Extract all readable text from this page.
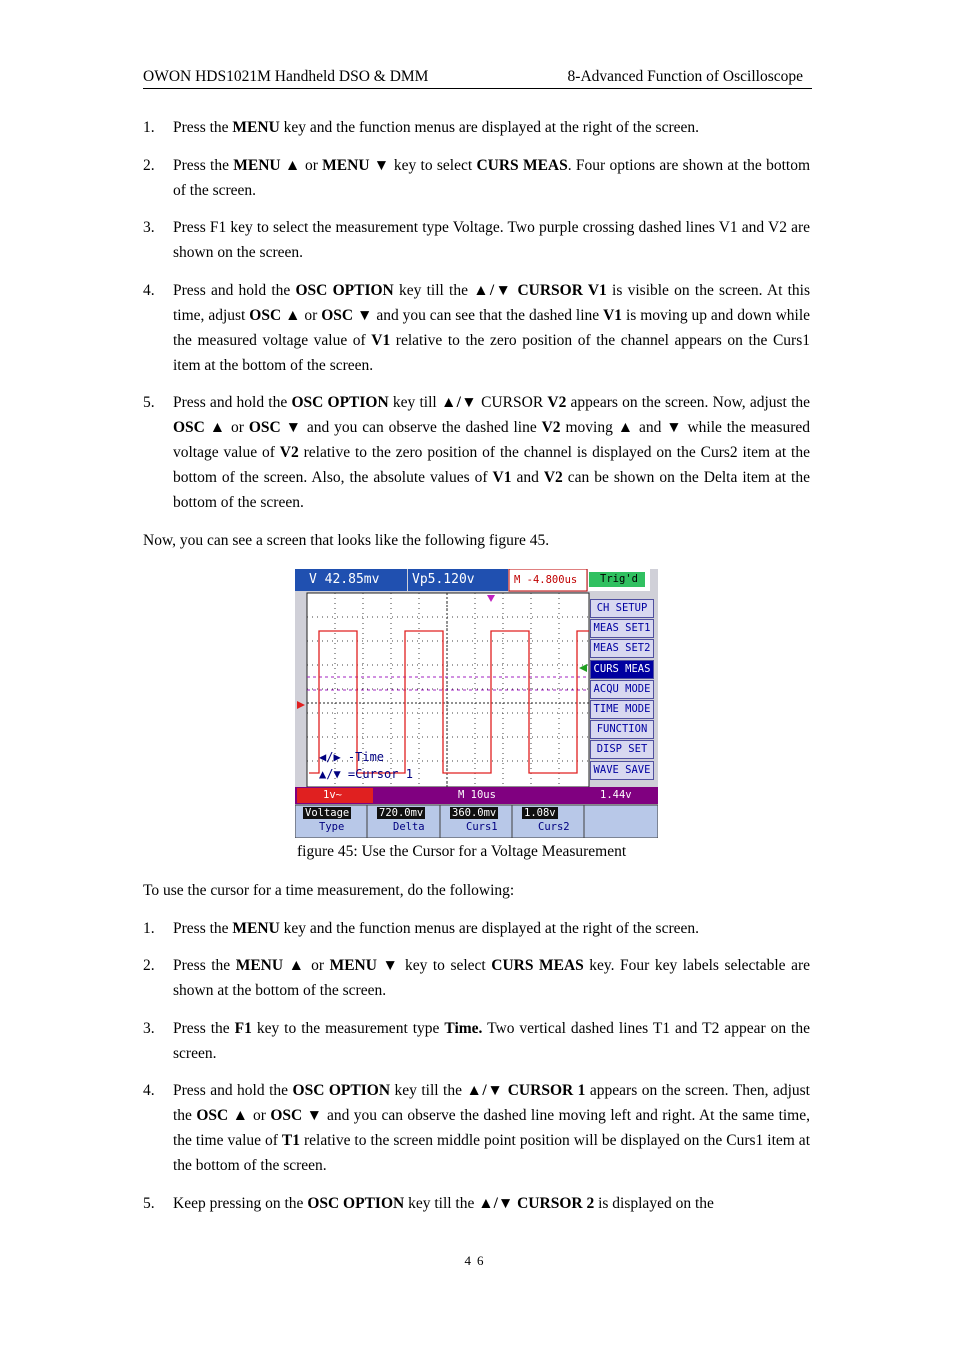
OWON HDS1021M Handheld DSO & DMM	8-Advanced Function of Oscilloscope
1. Press the MENU key and the function menus are displayed at the right of the screen.
2. Press the MENU ▲ or MENU ▼ key to select CURS MEAS. Four options are shown at the bottom of the screen.
3. Press F1 key to select the measurement type Voltage. Two purple crossing dashed lines V1 and V2 are shown on the screen.
4. Press and hold the OSC OPTION key till the ▲/▼ CURSOR V1 is visible on the screen. At this time, adjust OSC ▲ or OSC ▼ and you can see that the dashed line V1 is moving up and down while the measured voltage value of V1 relative to the zero position of the channel appears on the Curs1 item at the bottom of the screen.
5. Press and hold the OSC OPTION key till ▲/▼ CURSOR V2 appears on the screen. Now, adjust the OSC ▲ or OSC ▼ and you can observe the dashed line V2 moving ▲ and ▼ while the measured voltage value of V2 relative to the zero position of the channel is displayed on the Curs2 item at the bottom of the screen. Also, the absolute values of V1 and V2 can be shown on the Delta item at the bottom of the screen.
Now, you can see a screen that looks like the following figure 45.
V 42.85mv	Vp5.120v	M -4.800us Trig'd
CH SETUP
MEAS SET1
MEAS SET2
CURS MEAS
ACQU MODE
TIME MODE
FUNCTION
DISP SET
WAVE SAVE
◀/▶ -Time
▲/▼ =Cursor 1
1v~	M 10us	1.44v
Voltage
Type
720.0mv
Delta
360.0mv
Curs1
1.08v
Curs2
figure 45: Use the Cursor for a Voltage Measurement
To use the cursor for a time measurement, do the following:
1. Press the MENU key and the function menus are displayed at the right of the screen.
2. Press the MENU ▲ or MENU ▼ key to select CURS MEAS key. Four key labels selectable are shown at the bottom of the screen.
3. Press the F1 key to the measurement type Time. Two vertical dashed lines T1 and T2 appear on the screen.
4. Press and hold the OSC OPTION key till the ▲/▼ CURSOR 1 appears on the screen. Then, adjust the OSC ▲ or OSC ▼ and you can observe the dashed line moving left and right. At the same time, the time value of T1 relative to the screen middle point position will be displayed on the Curs1 item at the bottom of the screen.
5. Keep pressing on the OSC OPTION key till the ▲/▼ CURSOR 2 is displayed on the
46
